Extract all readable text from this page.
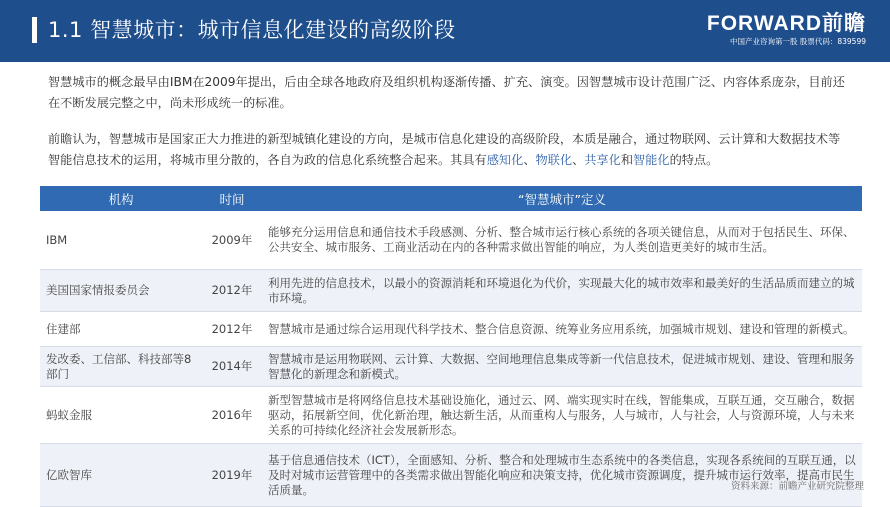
1.1 智慧城市：城市信息化建设的高级阶段	FORWARD前瞻
中国产业咨询第一股 股票代码：839599
智慧城市的概念最早由IBM在2009年提出，后由全球各地政府及组织机构逐渐传播、扩充、演变。因智慧城市设计范围广泛、内容体系庞杂，目前还在不断发展完整之中，尚未形成统一的标准。
前瞻认为，智慧城市是国家正大力推进的新型城镇化建设的方向，是城市信息化建设的高级阶段，本质是融合，通过物联网、云计算和大数据技术等智能信息技术的运用，将城市里分散的，各自为政的信息化系统整合起来。其具有感知化、物联化、共享化和智能化的特点。
机构	时间	“智慧城市”定义
IBM	2009年	能够充分运用信息和通信技术手段感测、分析、整合城市运行核心系统的各项关键信息，从而对于包括民生、环保、公共安全、城市服务、工商业活动在内的各种需求做出智能的响应，为人类创造更美好的城市生活。
美国国家情报委员会	2012年	利用先进的信息技术，以最小的资源消耗和环境退化为代价，实现最大化的城市效率和最美好的生活品质而建立的城市环境。
住建部	2012年	智慧城市是通过综合运用现代科学技术、整合信息资源、统筹业务应用系统，加强城市规划、建设和管理的新模式。
发改委、工信部、科技部等8部门	2014年	智慧城市是运用物联网、云计算、大数据、空间地理信息集成等新一代信息技术，促进城市规划、建设、管理和服务智慧化的新理念和新模式。
蚂蚁金服	2016年	新型智慧城市是将网络信息技术基础设施化，通过云、网、端实现实时在线，智能集成，互联互通，交互融合，数据驱动，拓展新空间，优化新治理，触达新生活，从而重构人与服务，人与城市，人与社会，人与资源环境，人与未来关系的可持续化经济社会发展新形态。
亿欧智库	2019年	基于信息通信技术（ICT），全面感知、分析、整合和处理城市生态系统中的各类信息，实现各系统间的互联互通，以及时对城市运营管理中的各类需求做出智能化响应和决策支持，优化城市资源调度，提升城市运行效率，提高市民生活质量。	资料来源：前瞻产业研究院整理
